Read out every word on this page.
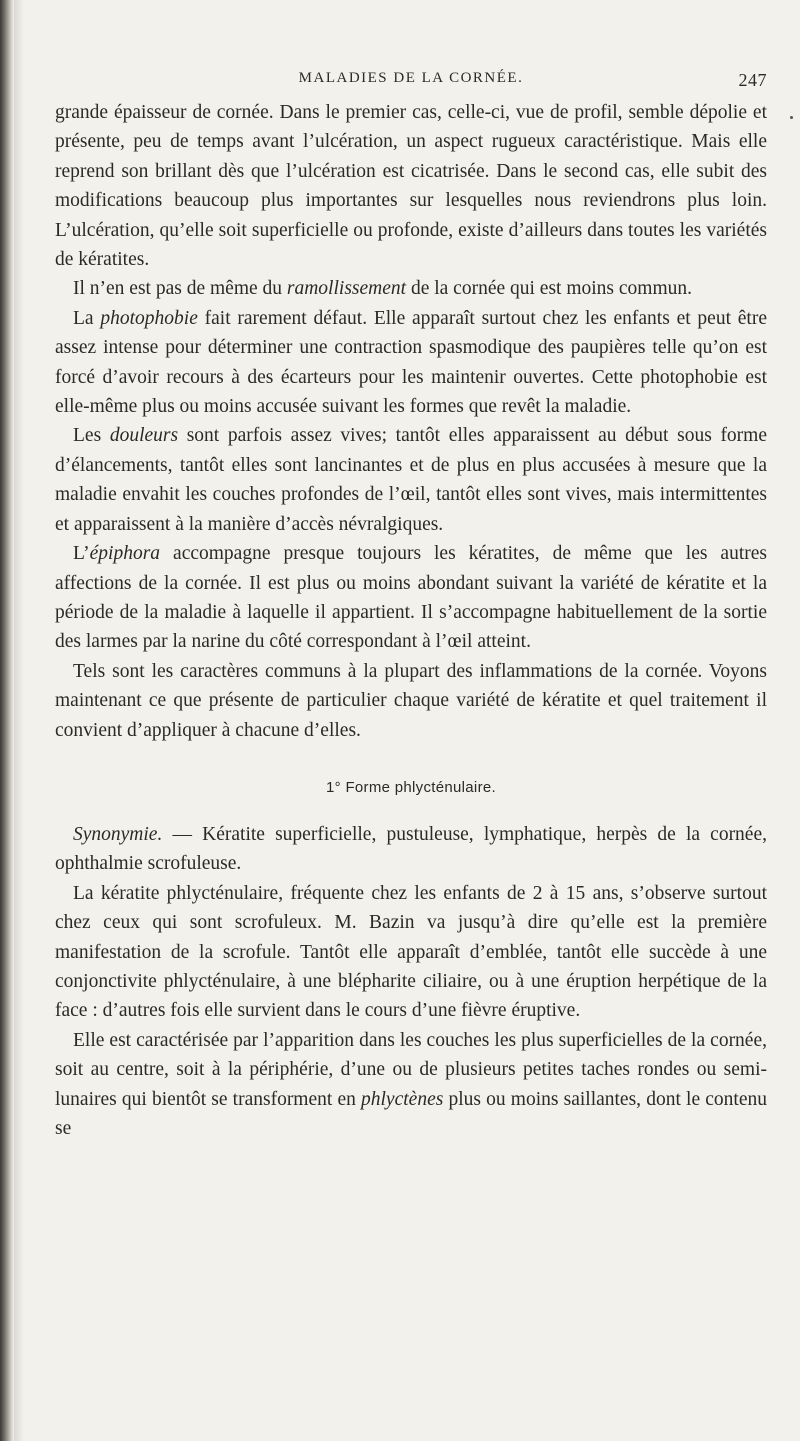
MALADIES DE LA CORNÉE.	247

grande épaisseur de cornée. Dans le premier cas, celle-ci, vue de profil, semble dépolie et présente, peu de temps avant l’ulcération, un aspect rugueux caractéristique. Mais elle reprend son brillant dès que l’ulcération est cicatrisée. Dans le second cas, elle subit des modifications beaucoup plus importantes sur lesquelles nous reviendrons plus loin. L’ulcération, qu’elle soit superficielle ou profonde, existe d’ailleurs dans toutes les variétés de kératites.

Il n’en est pas de même du ramollissement de la cornée qui est moins commun.

La photophobie fait rarement défaut. Elle apparaît surtout chez les enfants et peut être assez intense pour déterminer une contraction spasmodique des paupières telle qu’on est forcé d’avoir recours à des écarteurs pour les maintenir ouvertes. Cette photophobie est elle-même plus ou moins accusée suivant les formes que revêt la maladie.

Les douleurs sont parfois assez vives; tantôt elles apparaissent au début sous forme d’élancements, tantôt elles sont lancinantes et de plus en plus accusées à mesure que la maladie envahit les couches profondes de l’œil, tantôt elles sont vives, mais intermittentes et apparaissent à la manière d’accès névralgiques.

L’épiphora accompagne presque toujours les kératites, de même que les autres affections de la cornée. Il est plus ou moins abondant suivant la variété de kératite et la période de la maladie à laquelle il appartient. Il s’accompagne habituellement de la sortie des larmes par la narine du côté correspondant à l’œil atteint.

Tels sont les caractères communs à la plupart des inflammations de la cornée. Voyons maintenant ce que présente de particulier chaque variété de kératite et quel traitement il convient d’appliquer à chacune d’elles.

1° Forme phlycténulaire.

Synonymie. — Kératite superficielle, pustuleuse, lymphatique, herpès de la cornée, ophthalmie scrofuleuse.

La kératite phlycténulaire, fréquente chez les enfants de 2 à 15 ans, s’observe surtout chez ceux qui sont scrofuleux. M. Bazin va jusqu’à dire qu’elle est la première manifestation de la scrofule. Tantôt elle apparaît d’emblée, tantôt elle succède à une conjonctivite phlycténulaire, à une blépharite ciliaire, ou à une éruption herpétique de la face : d’autres fois elle survient dans le cours d’une fièvre éruptive.

Elle est caractérisée par l’apparition dans les couches les plus superficielles de la cornée, soit au centre, soit à la périphérie, d’une ou de plusieurs petites taches rondes ou semi-lunaires qui bientôt se transforment en phlyctènes plus ou moins saillantes, dont le contenu se
